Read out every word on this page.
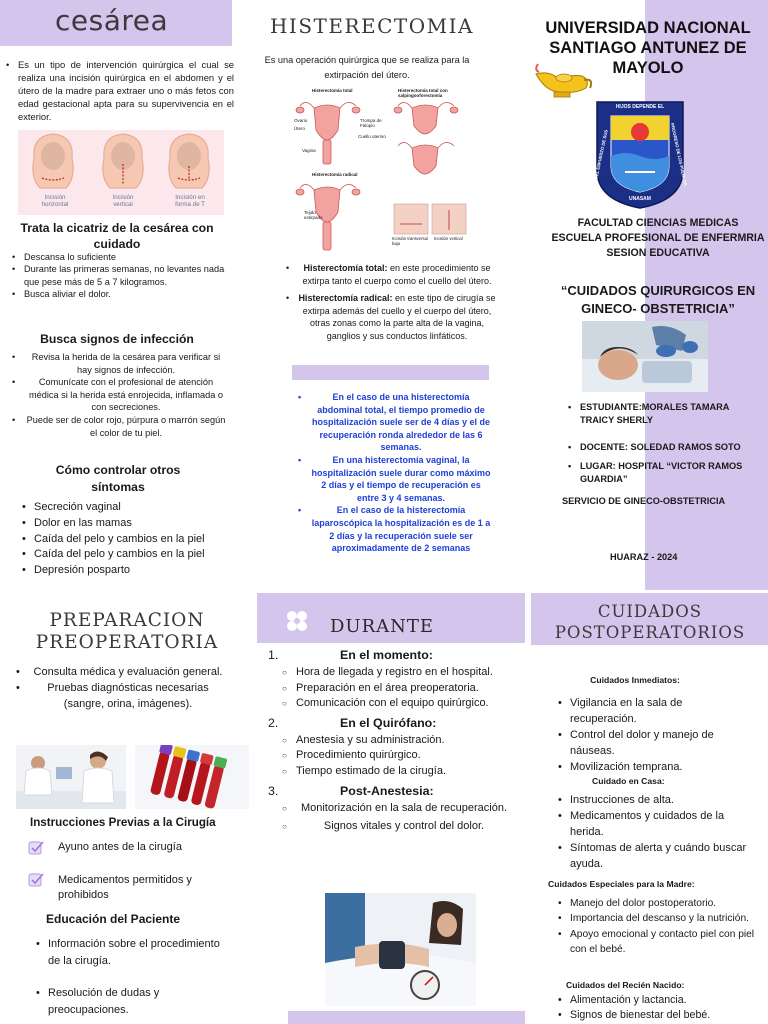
cesárea
• Es un tipo de intervención quirúrgica el cual se realiza una incisión quirúrgica en el abdomen y el útero de la madre para extraer uno o más fetos con edad gestacional apta para su supervivencia en el exterior.
Incisión horizontal
Incisión vertical
Incisión en forma de T
Trata la cicatriz de la cesárea con cuidado
• Descansa lo suficiente
• Durante las primeras semanas, no levantes nada que pese más de 5 a 7 kilogramos.
• Busca aliviar el dolor.
Busca signos de infección
• Revisa la herida de la cesárea para verificar si hay signos de infección.
• Comunícate con el profesional de atención médica si la herida está enrojecida, inflamada o con secreciones.
• Puede ser de color rojo, púrpura o marrón según el color de tu piel.
Cómo controlar otros síntomas
• Secreción vaginal
• Dolor en las mamas
• Caída del pelo y cambios en la piel
• Caída del pelo y cambios en la piel
• Depresión posparto
HISTERECTOMIA
Es una operación quirúrgica que se realiza para la extirpación del útero.
Histerectomía total	Histerectomía total con salpingooforectomía
Ovario
Útero
Trompa de Falopio
Cuello uterino
Vagina
Histerectomía radical
Tejido extirpado
Incisión transversal baja
Incisión vertical
• Histerectomía total: en este procedimiento se extirpa tanto el cuerpo como el cuello del útero.
• Histerectomía radical: en este tipo de cirugía se extirpa además del cuello y el cuerpo del útero, otras zonas como la parte alta de la vagina, ganglios y sus conductos linfáticos.
• En el caso de una histerectomía abdominal total, el tiempo promedio de hospitalización suele ser de 4 días y el de recuperación ronda alrededor de las 6 semanas.
• En una histerectomía vaginal, la hospitalización suele durar como máximo 2 días y el tiempo de recuperación es entre 3 y 4 semanas.
• En el caso de la histerectomía laparoscópica la hospitalización es de 1 a 2 días y la recuperación suele ser aproximadamente de 2 semanas
UNIVERSIDAD NACIONAL SANTIAGO ANTUNEZ DE MAYOLO
HIJOS DEPENDE EL
DEL ESFUERZO DE SUS	PROGRESO DE LOS PUEBLOS
UNASAM
FACULTAD CIENCIAS MEDICAS
ESCUELA PROFESIONAL DE ENFERMRIA
SESION EDUCATIVA
“CUIDADOS QUIRURGICOS EN GINECO- OBSTETRICIA”
• ESTUDIANTE:MORALES TAMARA TRAICY SHERLY
• DOCENTE: SOLEDAD RAMOS SOTO
• LUGAR: HOSPITAL “VICTOR RAMOS GUARDIA”
SERVICIO DE GINECO-OBSTETRICIA
HUARAZ - 2024
PREPARACION PREOPERATORIA
• Consulta médica y evaluación general.
• Pruebas diagnósticas necesarias (sangre, orina, imágenes).
Instrucciones Previas a la Cirugía
Ayuno antes de la cirugía
Medicamentos permitidos y prohibidos
Educación del Paciente
• Información sobre el procedimiento de la cirugía.
• Resolución de dudas y preocupaciones.
DURANTE
1.	En el momento:
○ Hora de llegada y registro en el hospital.
○ Preparación en el área preoperatoria.
○ Comunicación con el equipo quirúrgico.
2.	En el Quirófano:
○ Anestesia y su administración.
○ Procedimiento quirúrgico.
○ Tiempo estimado de la cirugía.
3.	Post-Anestesia:
○ Monitorización en la sala de recuperación.
○ Signos vitales y control del dolor.
CUIDADOS POSTOPERATORIOS
Cuidados Inmediatos:
• Vigilancia en la sala de recuperación.
• Control del dolor y manejo de náuseas.
• Movilización temprana.
Cuidado en Casa:
• Instrucciones de alta.
• Medicamentos y cuidados de la herida.
• Síntomas de alerta y cuándo buscar ayuda.
Cuidados Especiales para la Madre:
• Manejo del dolor postoperatorio.
• Importancia del descanso y la nutrición.
• Apoyo emocional y contacto piel con piel con el bebé.
Cuidados del Recién Nacido:
• Alimentación y lactancia.
• Signos de bienestar del bebé.
